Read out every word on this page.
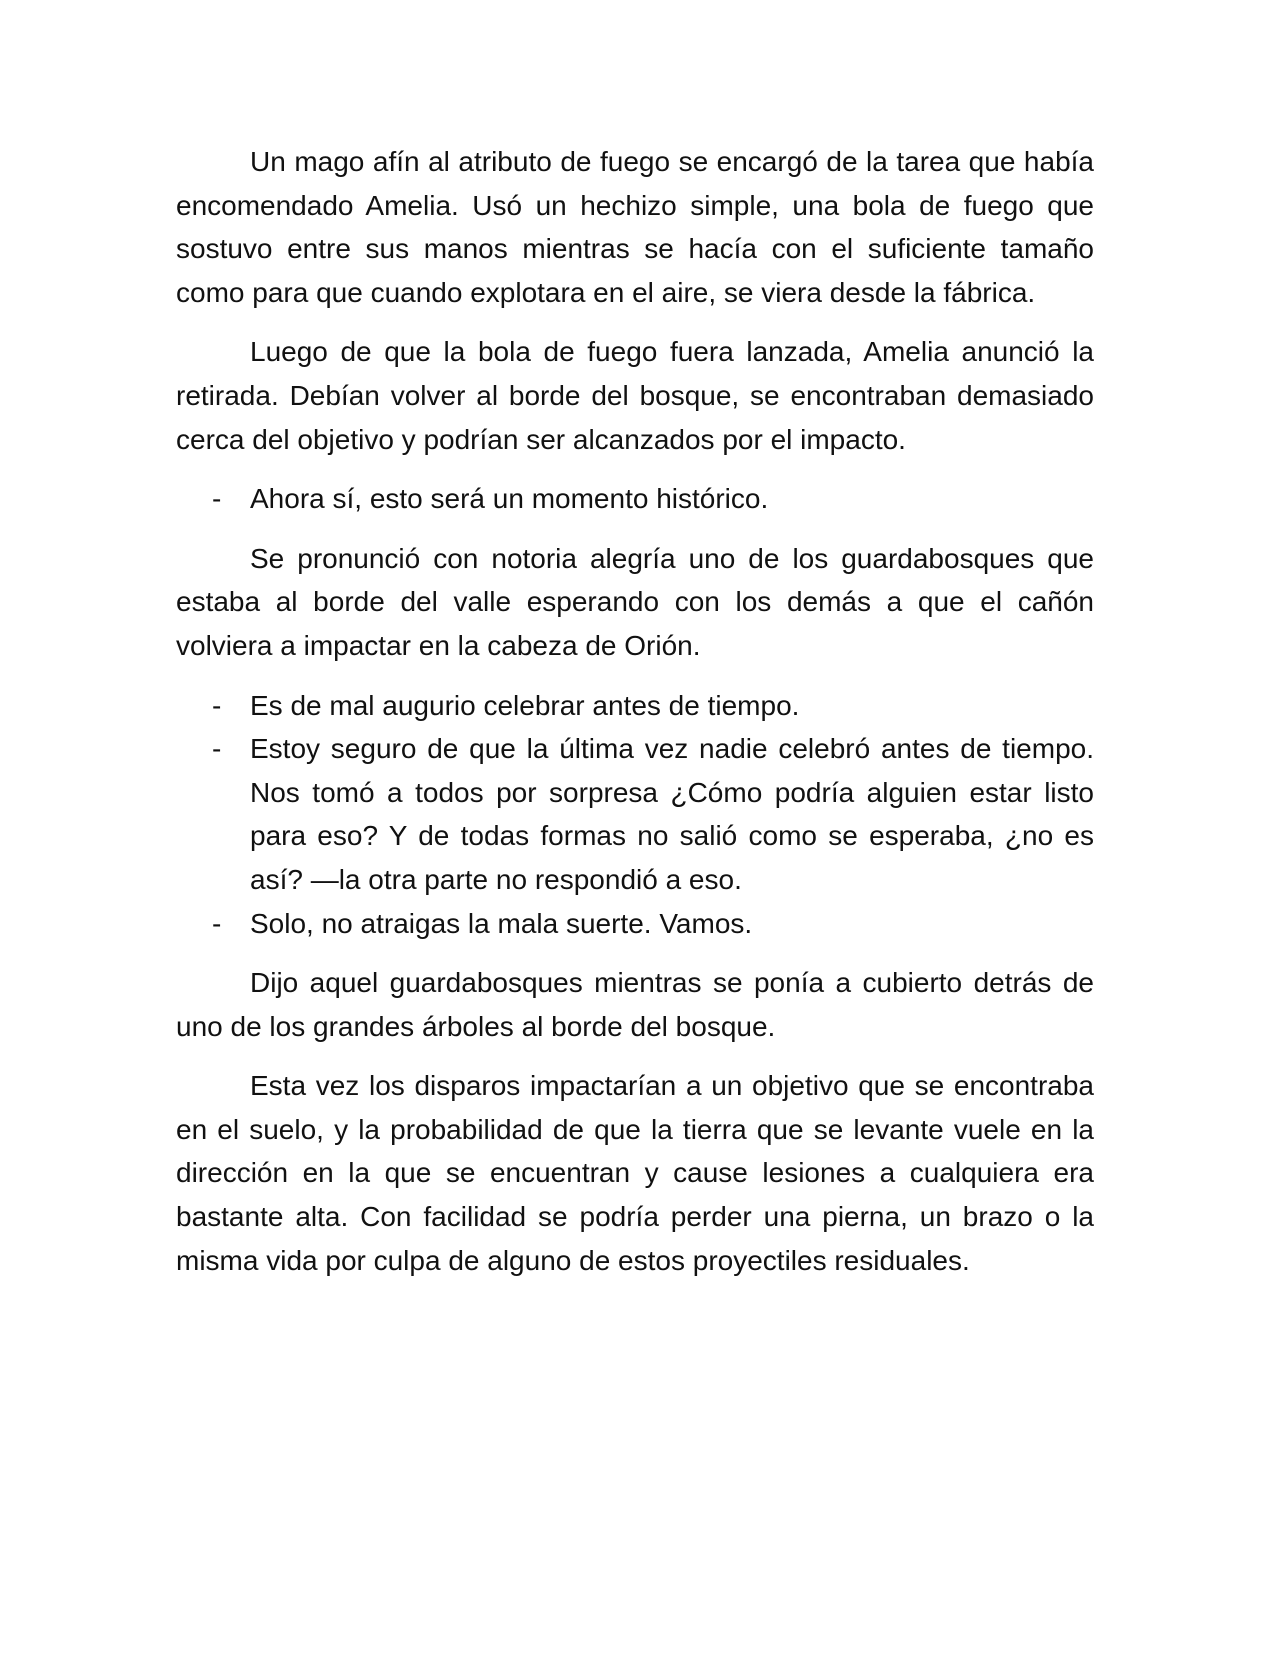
Un mago afín al atributo de fuego se encargó de la tarea que había encomendado Amelia. Usó un hechizo simple, una bola de fuego que sostuvo entre sus manos mientras se hacía con el suficiente tamaño como para que cuando explotara en el aire, se viera desde la fábrica.

Luego de que la bola de fuego fuera lanzada, Amelia anunció la retirada. Debían volver al borde del bosque, se encontraban demasiado cerca del objetivo y podrían ser alcanzados por el impacto.

- Ahora sí, esto será un momento histórico.

Se pronunció con notoria alegría uno de los guardabosques que estaba al borde del valle esperando con los demás a que el cañón volviera a impactar en la cabeza de Orión.

- Es de mal augurio celebrar antes de tiempo.
- Estoy seguro de que la última vez nadie celebró antes de tiempo. Nos tomó a todos por sorpresa ¿Cómo podría alguien estar listo para eso? Y de todas formas no salió como se esperaba, ¿no es así? —la otra parte no respondió a eso.
- Solo, no atraigas la mala suerte. Vamos.

Dijo aquel guardabosques mientras se ponía a cubierto detrás de uno de los grandes árboles al borde del bosque.

Esta vez los disparos impactarían a un objetivo que se encontraba en el suelo, y la probabilidad de que la tierra que se levante vuele en la dirección en la que se encuentran y cause lesiones a cualquiera era bastante alta. Con facilidad se podría perder una pierna, un brazo o la misma vida por culpa de alguno de estos proyectiles residuales.
